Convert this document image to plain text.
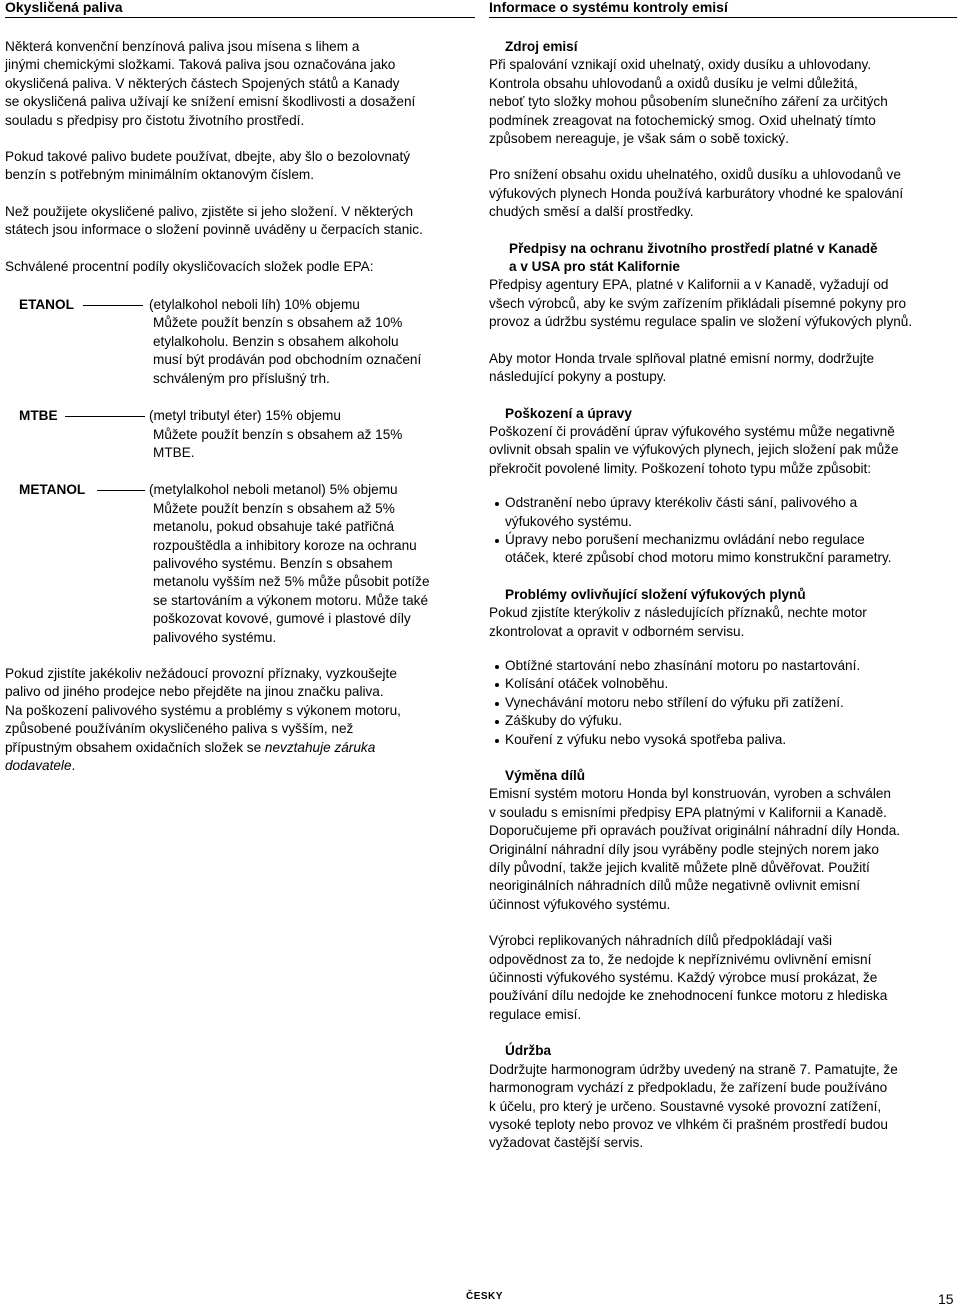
Okysličená paliva

Některá konvenční benzínová paliva jsou mísena s lihem a
jinými chemickými složkami. Taková paliva jsou označována jako
okysličená paliva. V některých částech Spojených států a Kanady
se okysličená paliva užívají ke snížení emisní škodlivosti a dosažení
souladu s předpisy pro čistotu životního prostředí.

Pokud takové palivo budete používat, dbejte, aby šlo o bezolovnatý
benzín s potřebným minimálním oktanovým číslem.

Než použijete okysličené palivo, zjistěte si jeho složení. V některých
státech jsou informace o složení povinně uváděny u čerpacích stanic.

Schválené procentní podíly okysličovacích složek podle EPA:

ETANOL	(etylalkohol neboli líh) 10% objemu
Můžete použít benzín s obsahem až 10%
etylalkoholu. Benzin s obsahem alkoholu
musí být prodáván pod obchodním označení
schváleným pro příslušný trh.
MTBE	(metyl tributyl éter) 15% objemu
Můžete použít benzín s obsahem až 15%
MTBE.
METANOL	(metylalkohol neboli metanol) 5% objemu
Můžete použít benzín s obsahem až 5%
metanolu, pokud obsahuje také patřičná
rozpouštědla a inhibitory koroze na ochranu
palivového systému. Benzín s obsahem
metanolu vyšším než 5% může působit potíže
se startováním a výkonem motoru. Může také
poškozovat kovové, gumové i plastové díly
palivového systému.

Pokud zjistíte jakékoliv nežádoucí provozní příznaky, vyzkoušejte
palivo od jiného prodejce nebo přejděte na jinou značku paliva.
Na poškození palivového systému a problémy s výkonem motoru,
způsobené používáním okysličeného paliva s vyšším, než
přípustným obsahem oxidačních složek se nevztahuje záruka
dodavatele.

Informace o systému kontroly emisí

Zdroj emisí

Při spalování vznikají oxid uhelnatý, oxidy dusíku a uhlovodany.
Kontrola obsahu uhlovodanů a oxidů dusíku je velmi důležitá,
neboť tyto složky mohou působením slunečního záření za určitých
podmínek zreagovat na fotochemický smog. Oxid uhelnatý tímto
způsobem nereaguje, je však sám o sobě toxický.

Pro snížení obsahu oxidu uhelnatého, oxidů dusíku a uhlovodanů ve
výfukových plynech Honda používá karburátory vhodné ke spalování
chudých směsí a další prostředky.

Předpisy na ochranu životního prostředí platné v Kanadě
a v USA pro stát Kalifornie

Předpisy agentury EPA, platné v Kalifornii a v Kanadě, vyžadují od
všech výrobců, aby ke svým zařízením přikládali písemné pokyny pro
provoz a údržbu systému regulace spalin ve složení výfukových plynů.

Aby motor Honda trvale splňoval platné emisní normy, dodržujte
následující pokyny a postupy.

Poškození a úpravy

Poškození či provádění úprav výfukového systému může negativně
ovlivnit obsah spalin ve výfukových plynech, jejich složení pak může
překročit povolené limity. Poškození tohoto typu může způsobit:

Odstranění nebo úpravy kterékoliv části sání, palivového a
výfukového systému.
Úpravy nebo porušení mechanizmu ovládání nebo regulace
otáček, které způsobí chod motoru mimo konstrukční parametry.

Problémy ovlivňující složení výfukových plynů

Pokud zjistíte kterýkoliv z následujících příznaků, nechte motor
zkontrolovat a opravit v odborném servisu.

Obtížné startování nebo zhasínání motoru po nastartování.
Kolísání otáček volnoběhu.
Vynechávání motoru nebo střílení do výfuku při zatížení.
Záškuby do výfuku.
Kouření z výfuku nebo vysoká spotřeba paliva.

Výměna dílů

Emisní systém motoru Honda byl konstruován, vyroben a schválen
v souladu s emisními předpisy EPA platnými v Kalifornii a Kanadě.
Doporučujeme při opravách používat originální náhradní díly Honda.
Originální náhradní díly jsou vyráběny podle stejných norem jako
díly původní, takže jejich kvalitě můžete plně důvěřovat. Použití
neoriginálních náhradních dílů může negativně ovlivnit emisní
účinnost výfukového systému.

Výrobci replikovaných náhradních dílů předpokládají vaši
odpovědnost za to, že nedojde k nepříznivému ovlivnění emisní
účinnosti výfukového systému. Každý výrobce musí prokázat, že
používání dílu nedojde ke znehodnocení funkce motoru z hlediska
regulace emisí.

Údržba

Dodržujte harmonogram údržby uvedený na straně 7. Pamatujte, že
harmonogram vychází z předpokladu, že zařízení bude používáno
k účelu, pro který je určeno. Soustavné vysoké provozní zatížení,
vysoké teploty nebo provoz ve vlhkém či prašném prostředí budou
vyžadovat častější servis.

ČESKY	15
